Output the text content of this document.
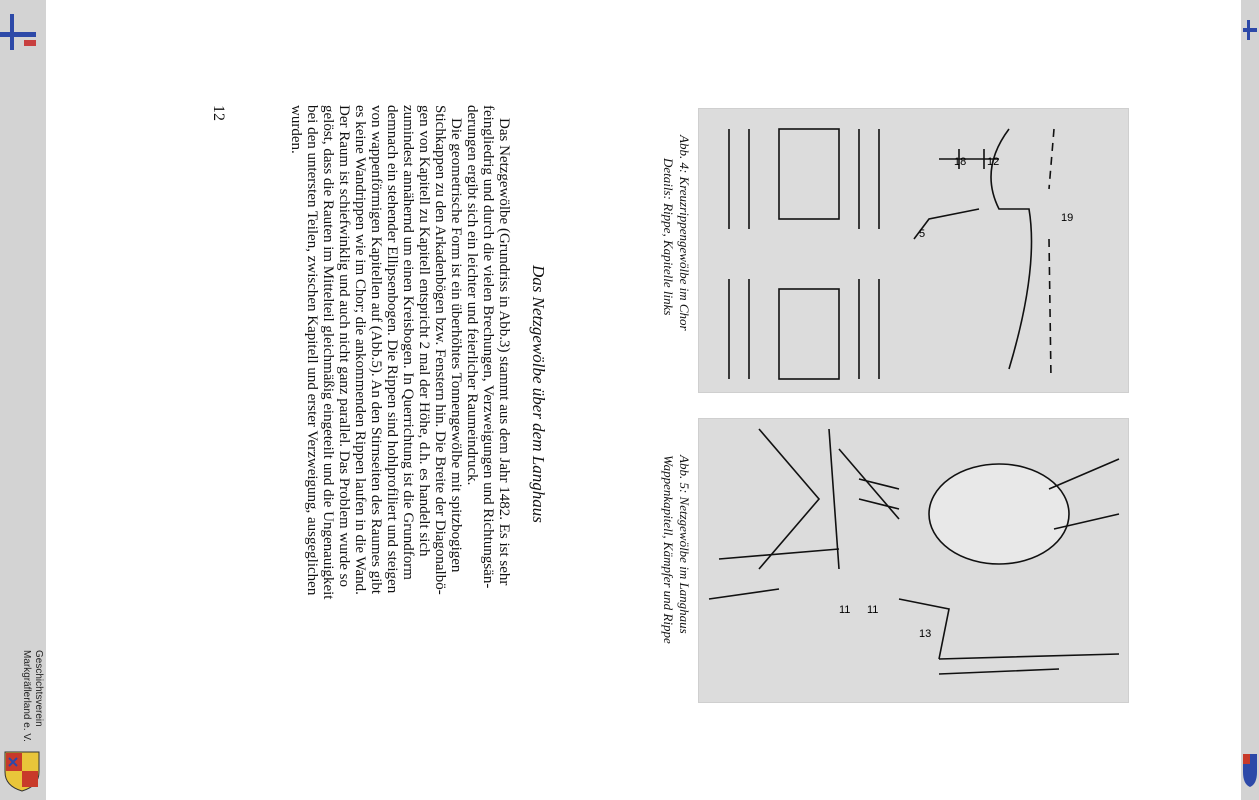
Geschichtsverein
Markgräflerland e. V.
18 12
19
5
Abb. 4: Kreuzrippengewölbe im Chor
Details: Rippe, Kapitelle links
11 11
13
Abb. 5: Netzgewölbe im Langhaus
Wappenkapitell, Kämpfer und Rippe
Das Netzgewölbe über dem Langhaus
Das Netzgewölbe (Grundriss in Abb.3) stammt aus dem Jahr 1482. Es ist sehr
feingliedrig und durch die vielen Brechungen, Verzweigungen und Richtungsän-
derungen ergibt sich ein leichter und feierlicher Raumeindruck.
Die geometrische Form ist ein überhöhtes Tonnengewölbe mit spitzbogigen
Stichkappen zu den Arkadenbögen bzw. Fenstern hin. Die Breite der Diagonalbö-
gen von Kapitell zu Kapitell entspricht 2 mal der Höhe, d.h. es handelt sich
zumindest annähernd um einen Kreisbogen. In Querrichtung ist die Grundform
demnach ein stehender Ellipsenbogen. Die Rippen sind hohlprofiliert und steigen
von wappenförmigen Kapitellen auf (Abb.5). An den Stirnseiten des Raumes gibt
es keine Wandrippen wie im Chor; die ankommenden Rippen laufen in die Wand.
Der Raum ist schiefwinklig und auch nicht ganz parallel. Das Problem wurde so
gelöst, dass die Rauten im Mittelteil gleichmäßig eingeteilt und die Ungenauigkeit
bei den untersten Teilen, zwischen Kapitell und erster Verzweigung, ausgeglichen
wurden.
12
